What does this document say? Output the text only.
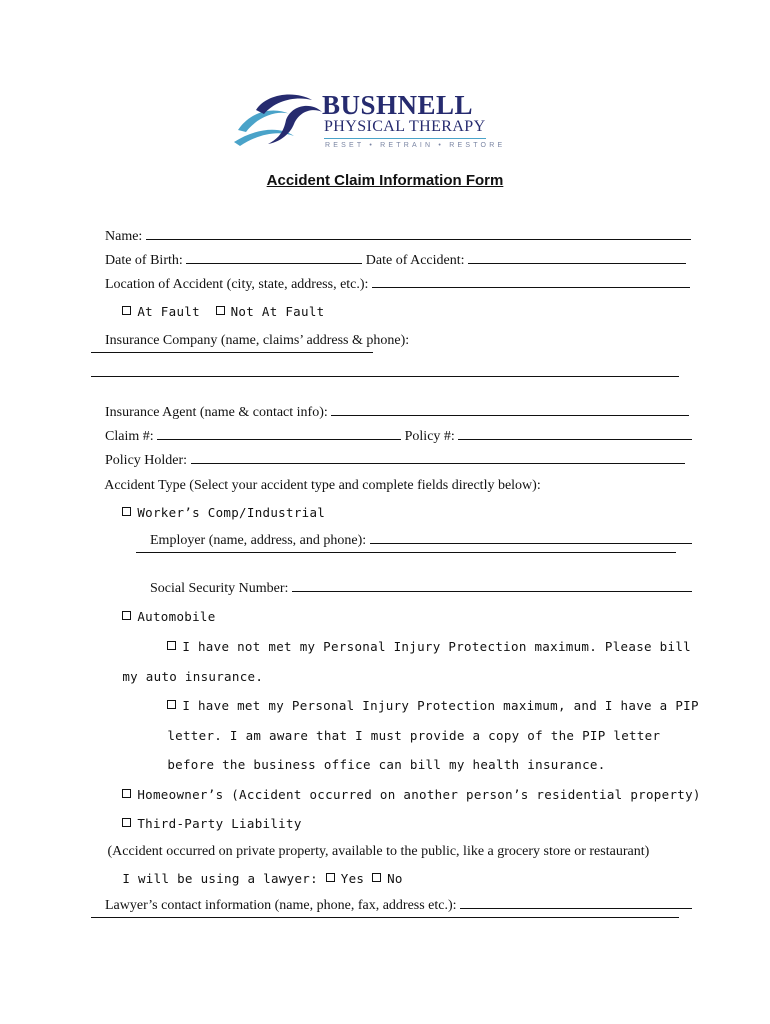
BUSHNELL
PHYSICAL THERAPY
RESET • RETRAIN • RESTORE
Accident Claim Information Form

Name:

Date of Birth:	Date of Accident:

Location of Accident (city, state, address, etc.):

At Fault Not At Fault

Insurance Company (name, claims’ address & phone):

Insurance Agent (name & contact info):

Claim #:	Policy #:

Policy Holder:

Accident Type (Select your accident type and complete fields directly below):

Worker’s Comp/Industrial

Employer (name, address, and phone):

Social Security Number:

Automobile

I have not met my Personal Injury Protection maximum. Please bill

my auto insurance.

I have met my Personal Injury Protection maximum, and I have a PIP

letter. I am aware that I must provide a copy of the PIP letter

before the business office can bill my health insurance.

Homeowner’s (Accident occurred on another person’s residential property)

Third-Party Liability

(Accident occurred on private property, available to the public, like a grocery store or restaurant)

I will be using a lawyer: Yes No

Lawyer’s contact information (name, phone, fax, address etc.):
